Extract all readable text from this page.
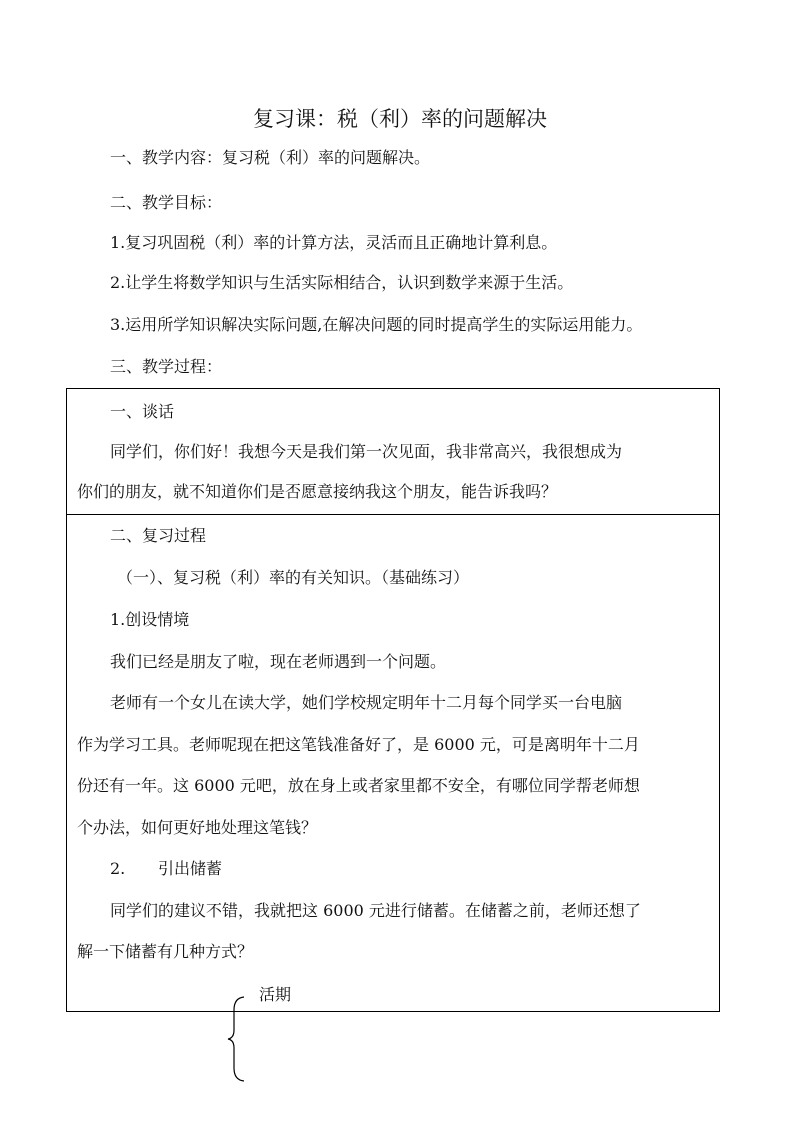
复习课：税（利）率的问题解决
一、教学内容：复习税（利）率的问题解决。
二、教学目标：
1.复习巩固税（利）率的计算方法，灵活而且正确地计算利息。
2.让学生将数学知识与生活实际相结合，认识到数学来源于生活。
3.运用所学知识解决实际问题,在解决问题的同时提高学生的实际运用能力。
三、教学过程：
一、谈话
同学们，你们好！我想今天是我们第一次见面，我非常高兴，我很想成为
你们的朋友，就不知道你们是否愿意接纳我这个朋友，能告诉我吗？
二、复习过程
（一）、复习税（利）率的有关知识。（基础练习）
1.创设情境
我们已经是朋友了啦，现在老师遇到一个问题。
老师有一个女儿在读大学，她们学校规定明年十二月每个同学买一台电脑
作为学习工具。老师呢现在把这笔钱准备好了，是 6000 元，可是离明年十二月
份还有一年。这 6000 元吧，放在身上或者家里都不安全，有哪位同学帮老师想
个办法，如何更好地处理这笔钱？
2. 引出储蓄
同学们的建议不错，我就把这 6000 元进行储蓄。在储蓄之前，老师还想了
解一下储蓄有几种方式？
活期
